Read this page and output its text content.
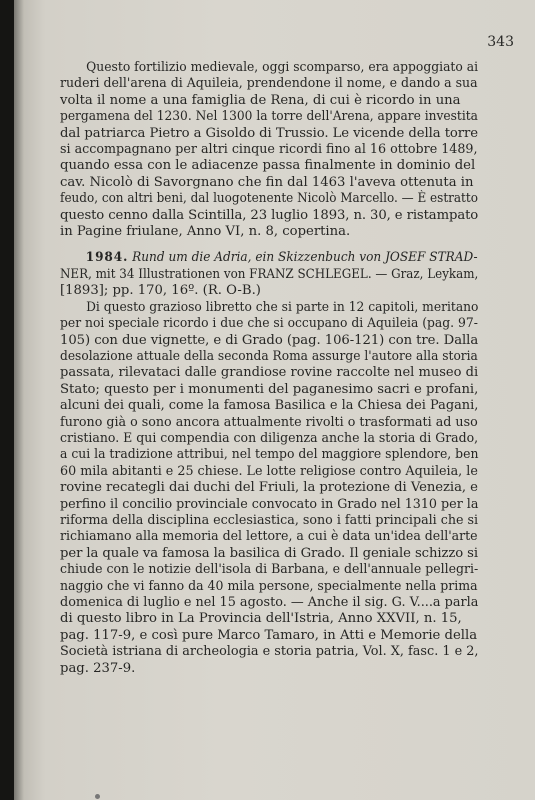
343
Questo fortilizio medievale, oggi scomparso, era appoggiato ai
ruderi dell'arena di Aquileia, prendendone il nome, e dando a sua
volta il nome a una famiglia de Rena, di cui è ricordo in una
pergamena del 1230. Nel 1300 la torre dell'Arena, appare investita
dal patriarca Pietro a Gisoldo di Trussio. Le vicende della torre
si accompagnano per altri cinque ricordi fino al 16 ottobre 1489,
quando essa con le adiacenze passa finalmente in dominio del
cav. Nicolò di Savorgnano che fin dal 1463 l'aveva ottenuta in
feudo, con altri beni, dal luogotenente Nicolò Marcello. — È estratto
questo cenno dalla Scintilla, 23 luglio 1893, n. 30, e ristampato
in Pagine friulane, Anno VI, n. 8, copertina.
1984. Rund um die Adria, ein Skizzenbuch von JOSEF STRAD-
NER, mit 34 Illustrationen von FRANZ SCHLEGEL. — Graz, Leykam,
[1893]; pp. 170, 16º. (R. O-B.)
Di questo grazioso libretto che si parte in 12 capitoli, meritano
per noi speciale ricordo i due che si occupano di Aquileia (pag. 97-
105) con due vignette, e di Grado (pag. 106-121) con tre. Dalla
desolazione attuale della seconda Roma assurge l'autore alla storia
passata, rilevataci dalle grandiose rovine raccolte nel museo di
Stato; questo per i monumenti del paganesimo sacri e profani,
alcuni dei quali, come la famosa Basilica e la Chiesa dei Pagani,
furono già o sono ancora attualmente rivolti o trasformati ad uso
cristiano. E qui compendia con diligenza anche la storia di Grado,
a cui la tradizione attribui, nel tempo del maggiore splendore, ben
60 mila abitanti e 25 chiese. Le lotte religiose contro Aquileia, le
rovine recategli dai duchi del Friuli, la protezione di Venezia, e
perfino il concilio provinciale convocato in Grado nel 1310 per la
riforma della disciplina ecclesiastica, sono i fatti principali che si
richiamano alla memoria del lettore, a cui è data un'idea dell'arte
per la quale va famosa la basilica di Grado. Il geniale schizzo si
chiude con le notizie dell'isola di Barbana, e dell'annuale pellegri-
naggio che vi fanno da 40 mila persone, specialmente nella prima
domenica di luglio e nel 15 agosto. — Anche il sig. G. V....a parla
di questo libro in La Provincia dell'Istria, Anno XXVII, n. 15,
pag. 117-9, e così pure Marco Tamaro, in Atti e Memorie della
Società istriana di archeologia e storia patria, Vol. X, fasc. 1 e 2,
pag. 237-9.
